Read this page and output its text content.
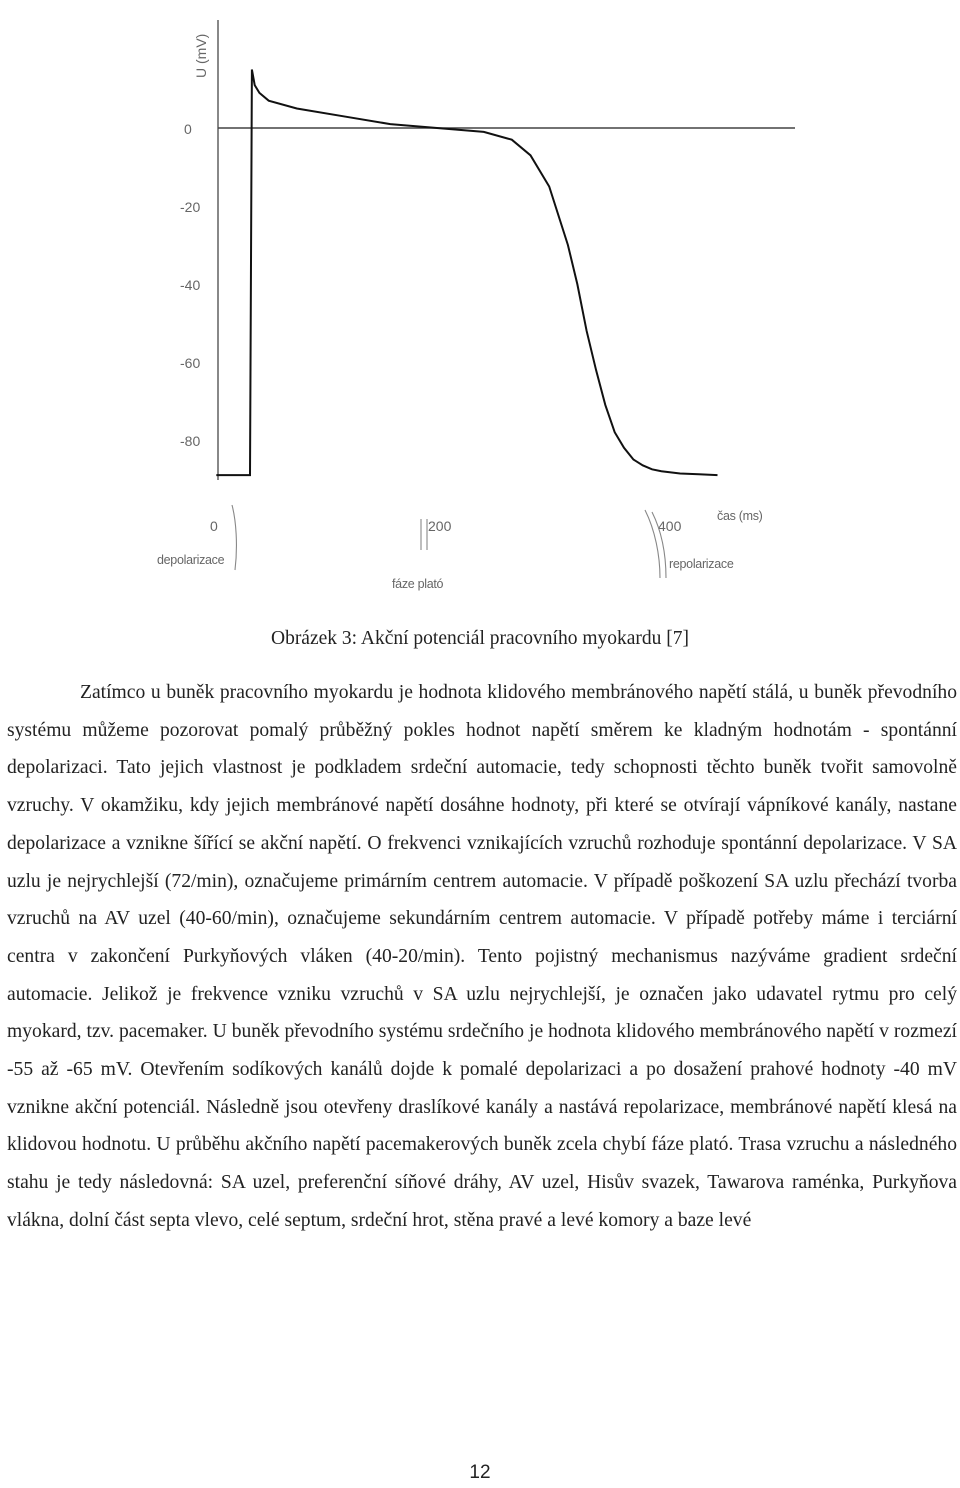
U (mV)
0
-20
-40
-60
-80
0	200	400
čas (ms)
depolarizace
fáze plató
repolarizace
Obrázek 3: Akční potenciál pracovního myokardu [7]

Zatímco u buněk pracovního myokardu je hodnota klidového membránového napětí stálá, u buněk převodního systému můžeme pozorovat pomalý průběžný pokles hodnot napětí směrem ke kladným hodnotám - spontánní depolarizaci. Tato jejich vlastnost je podkladem srdeční automacie, tedy schopnosti těchto buněk tvořit samovolně vzruchy. V okamžiku, kdy jejich membránové napětí dosáhne hodnoty, při které se otvírají vápníkové kanály, nastane depolarizace a vznikne šířící se akční napětí. O frekvenci vznikajících vzruchů rozhoduje spontánní depolarizace. V SA uzlu je nejrychlejší (72/min), označujeme primárním centrem automacie. V případě poškození SA uzlu přechází tvorba vzruchů na AV uzel (40-60/min), označujeme sekundárním centrem automacie. V případě potřeby máme i terciární centra v zakončení Purkyňových vláken (40-20/min). Tento pojistný mechanismus nazýváme gradient srdeční automacie. Jelikož je frekvence vzniku vzruchů v SA uzlu nejrychlejší, je označen jako udavatel rytmu pro celý myokard, tzv. pacemaker. U buněk převodního systému srdečního je hodnota klidového membránového napětí v rozmezí -55 až -65 mV. Otevřením sodíkových kanálů dojde k pomalé depolarizaci a po dosažení prahové hodnoty -40 mV vznikne akční potenciál. Následně jsou otevřeny draslíkové kanály a nastává repolarizace, membránové napětí klesá na klidovou hodnotu. U průběhu akčního napětí pacemakerových buněk zcela chybí fáze plató. Trasa vzruchu a následného stahu je tedy následovná: SA uzel, preferenční síňové dráhy, AV uzel, Hisův svazek, Tawarova raménka, Purkyňova vlákna, dolní část septa vlevo, celé septum, srdeční hrot, stěna pravé a levé komory a baze levé

12
